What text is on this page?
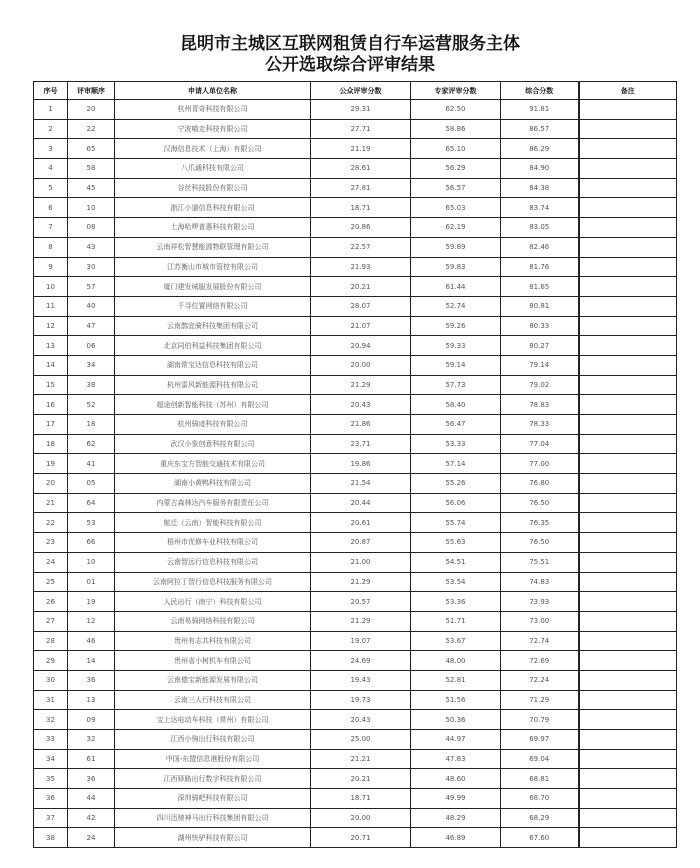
昆明市主城区互联网租赁自行车运营服务主体
公开选取综合评审结果
序号	评审顺序	申请人单位名称	公众评审分数	专家评审分数	综合分数	备注
1	20	杭州青奇科技有限公司	29.31	62.50	91.81	
2	22	宁波喵走科技有限公司	27.71	58.86	86.57	
3	65	汉海信息技术（上海）有限公司	21.19	65.10	86.29	
4	58	八爪通科技有限公司	28.61	56.29	84.90	
5	45	谷丝科技股份有限公司	27.81	56.57	84.38	
6	10	浙江小遛信息科技有限公司	18.71	65.03	83.74	
7	08	上海哈啰普惠科技有限公司	20.86	62.19	83.05	
8	43	云南祥松智慧能源物联管理有限公司	22.57	59.89	82.46	
9	30	江苏衡山市城市管控有限公司	21.93	59.83	81.76	
10	57	厦门建发城服发展股份有限公司	20.21	61.44	81.65	
11	40	千寻位置网络有限公司	28.07	52.74	80.81	
12	47	云南鹊宜骑科技集团有限公司	21.07	59.26	80.33	
13	06	北京同伯利益科技集团有限公司	20.94	59.33	80.27	
14	34	湖南常宝达信息科技有限公司	20.00	59.14	79.14	
15	38	杭州雷风新能源科技有限公司	21.29	57.73	79.02	
16	52	超途创新智能科技（苏州）有限公司	20.43	58.40	78.83	
17	18	杭州骑迹科技有限公司	21.86	56.47	78.33	
18	62	武汉小象创意科技有限公司	23.71	53.33	77.04	
19	41	重庆东宝方智能交通技术有限公司	19.86	57.14	77.00	
20	05	湖南小黄鸭科技有限公司	21.54	55.26	76.80	
21	64	内蒙古森林达汽车服务有限责任公司	20.44	56.06	76.50	
22	53	航迁（云南）智能科技有限公司	20.61	55.74	76.35	
23	66	梧州市优修车业科技有限公司	20.87	55.63	76.50	
24	10	云南智远行信息科技有限公司	21.00	54.51	75.51	
25	01	云南阿拉丁智行信息科技服务有限公司	21.29	53.54	74.83	
26	19	人民出行（南宁）科技有限公司	20.57	53.36	73.93	
27	12	云南易骑网络科技有限公司	21.29	51.71	73.00	
28	46	贵州有志共科技有限公司	19.07	53.67	72.74	
29	14	贵州省小树机车有限公司	24.69	48.00	72.69	
30	36	云南德宝新能源发展有限公司	19.43	52.81	72.24	
31	13	云南三人行科技有限公司	19.73	51.56	71.29	
32	09	宝上达电动车科技（常州）有限公司	20.43	50.36	70.79	
33	32	江西小驹出行科技有限公司	25.00	44.97	69.97	
34	61	中国-东盟信息港股份有限公司	21.21	47.83	69.04	
35	36	江西驿路出行数字科技有限公司	20.21	48.60	68.81	
36	44	深圳骑吧科技有限公司	18.71	49.99	68.70	
37	42	四川迅驰神马出行科技集团有限公司	20.00	48.29	68.29	
38	24	湖州快驴科技有限公司	20.71	46.89	67.60	
